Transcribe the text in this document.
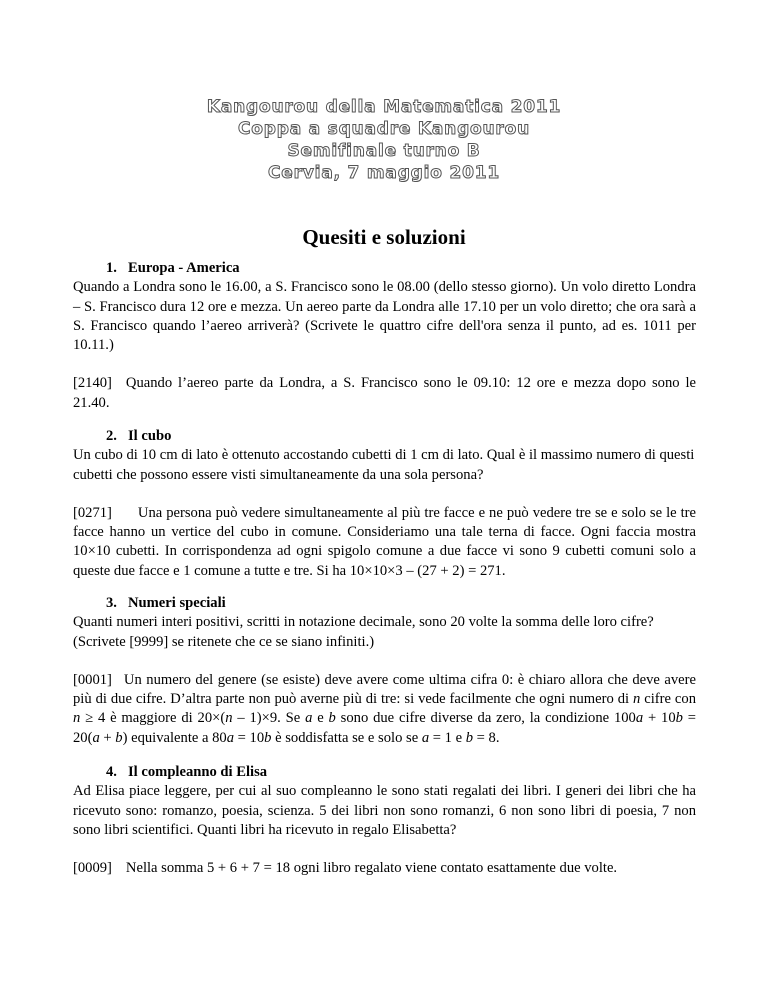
Kangourou della Matematica 2011
Coppa a squadre Kangourou
Semifinale turno B
Cervia, 7 maggio 2011
Quesiti e soluzioni

1. Europa - America

Quando a Londra sono le 16.00, a S. Francisco sono le 08.00 (dello stesso giorno). Un volo diretto Londra – S. Francisco dura 12 ore e mezza. Un aereo parte da Londra alle 17.10 per un volo diretto; che ora sarà a S. Francisco quando l’aereo arriverà? (Scrivete le quattro cifre dell'ora senza il punto, ad es. 1011 per 10.11.)

[2140] Quando l’aereo parte da Londra, a S. Francisco sono le 09.10: 12 ore e mezza dopo sono le 21.40.

2. Il cubo

Un cubo di 10 cm di lato è ottenuto accostando cubetti di 1 cm di lato. Qual è il massimo numero di questi cubetti che possono essere visti simultaneamente da una sola persona?

[0271] Una persona può vedere simultaneamente al più tre facce e ne può vedere tre se e solo se le tre facce hanno un vertice del cubo in comune. Consideriamo una tale terna di facce. Ogni faccia mostra 10×10 cubetti. In corrispondenza ad ogni spigolo comune a due facce vi sono 9 cubetti comuni solo a queste due facce e 1 comune a tutte e tre. Si ha 10×10×3 – (27 + 2) = 271.

3. Numeri speciali

Quanti numeri interi positivi, scritti in notazione decimale, sono 20 volte la somma delle loro cifre? (Scrivete [9999] se ritenete che ce se siano infiniti.)

[0001] Un numero del genere (se esiste) deve avere come ultima cifra 0: è chiaro allora che deve avere più di due cifre. D’altra parte non può averne più di tre: si vede facilmente che ogni numero di n cifre con n ≥ 4 è maggiore di 20×(n – 1)×9. Se a e b sono due cifre diverse da zero, la condizione 100a + 10b = 20(a + b) equivalente a 80a = 10b è soddisfatta se e solo se a = 1 e b = 8.

4. Il compleanno di Elisa

Ad Elisa piace leggere, per cui al suo compleanno le sono stati regalati dei libri. I generi dei libri che ha ricevuto sono: romanzo, poesia, scienza. 5 dei libri non sono romanzi, 6 non sono libri di poesia, 7 non sono libri scientifici. Quanti libri ha ricevuto in regalo Elisabetta?

[0009] Nella somma 5 + 6 + 7 = 18 ogni libro regalato viene contato esattamente due volte.
